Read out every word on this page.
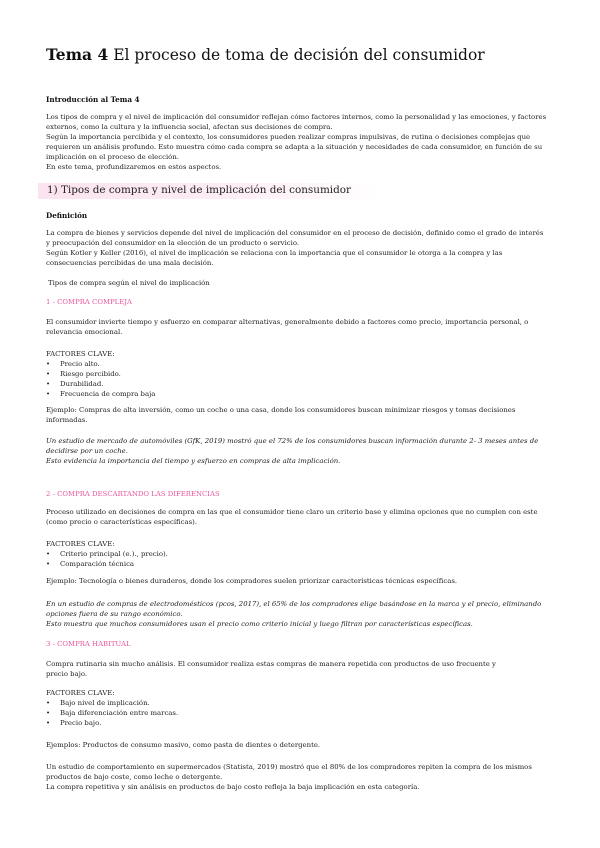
Tema 4 El proceso de toma de decisión del consumidor
Introducción al Tema 4
Los tipos de compra y el nivel de implicación del consumidor reflejan cómo factores internos, como la personalidad y las emociones, y factores
externos, como la cultura y la influencia social, afectan sus decisiones de compra.
Según la importancia percibida y el contexto, los consumidores pueden realizar compras impulsivas, de rutina o decisiones complejas que
requieren un análisis profundo. Esto muestra cómo cada compra se adapta a la situación y necesidades de cada consumidor, en función de su
implicación en el proceso de elección.
En este tema, profundizaremos en estos aspectos.
1) Tipos de compra y nivel de implicación del consumidor
Definición
La compra de bienes y servicios depende del nivel de implicación del consumidor en el proceso de decisión, definido como el grado de interés
y preocupación del consumidor en la elección de un producto o servicio.
Según Kotler y Keller (2016), el nivel de implicación se relaciona con la importancia que el consumidor le otorga a la compra y las
consecuencias percibidas de una mala decisión.
Tipos de compra según el nivel de implicación
1 - COMPRA COMPLEJA
El consumidor invierte tiempo y esfuerzo en comparar alternativas, generalmente debido a factores como precio, importancia personal, o
relevancia emocional.
FACTORES CLAVE:
• Precio alto.
• Riesgo percibido.
• Durabilidad.
• Frecuencia de compra baja
Ejemplo: Compras de alta inversión, como un coche o una casa, donde los consumidores buscan minimizar riesgos y tomas decisiones
informadas.
Un estudio de mercado de automóviles (GfK, 2019) mostró que el 72% de los consumidores buscan información durante 2- 3 meses antes de
decidirse por un coche.
Esto evidencia la importancia del tiempo y esfuerzo en compras de alta implicación.
2 - COMPRA DESCARTANDO LAS DIFERENCIAS
Proceso utilizado en decisiones de compra en las que el consumidor tiene claro un criterio base y elimina opciones que no cumplen con este
(como precio o características específicas).
FACTORES CLAVE:
• Criterio principal (e.)., precio).
• Comparación técnica
Ejemplo: Tecnología o bienes duraderos, donde los compradores suelen priorizar características técnicas específicas.
En un estudio de compras de electrodomésticos (pcos, 2017), el 65% de los compradores elige basándose en la marca y el precio, eliminando
opciones fuera de su rango económico.
Esto muestra que muchos consumidores usan el precio como criterio inicial y luego filtran por características específicas.
3 - COMPRA HABITUAL
Compra rutinaria sin mucho análisis. El consumidor realiza estas compras de manera repetida con productos de uso frecuente y
precio bajo.
FACTORES CLAVE:
• Bajo nivel de implicación.
• Baja diferenciación entre marcas.
• Precio bajo.
Ejemplos: Productos de consumo masivo, como pasta de dientes o detergente.
Un estudio de comportamiento en supermercados (Statista, 2019) mostró que el 80% de los compradores repiten la compra de los mismos
productos de bajo coste, como leche o detergente.
La compra repetitiva y sin análisis en productos de bajo costo refleja la baja implicación en esta categoría.
